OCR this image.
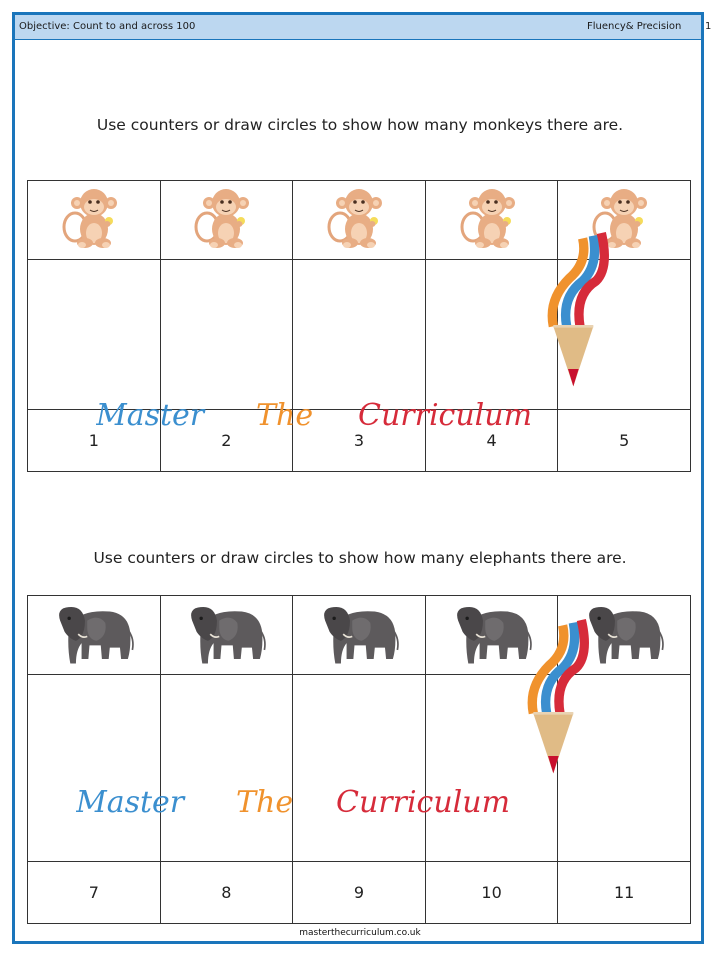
Objective: Count to and across 100	Fluency& Precision 1
Use counters or draw circles to show how many monkeys there are.

1	2	3	4	5
Use counters or draw circles to show how many elephants there are.

7	8	9	10	11
Master The Curriculum
Master The Curriculum
masterthecurriculum.co.uk
